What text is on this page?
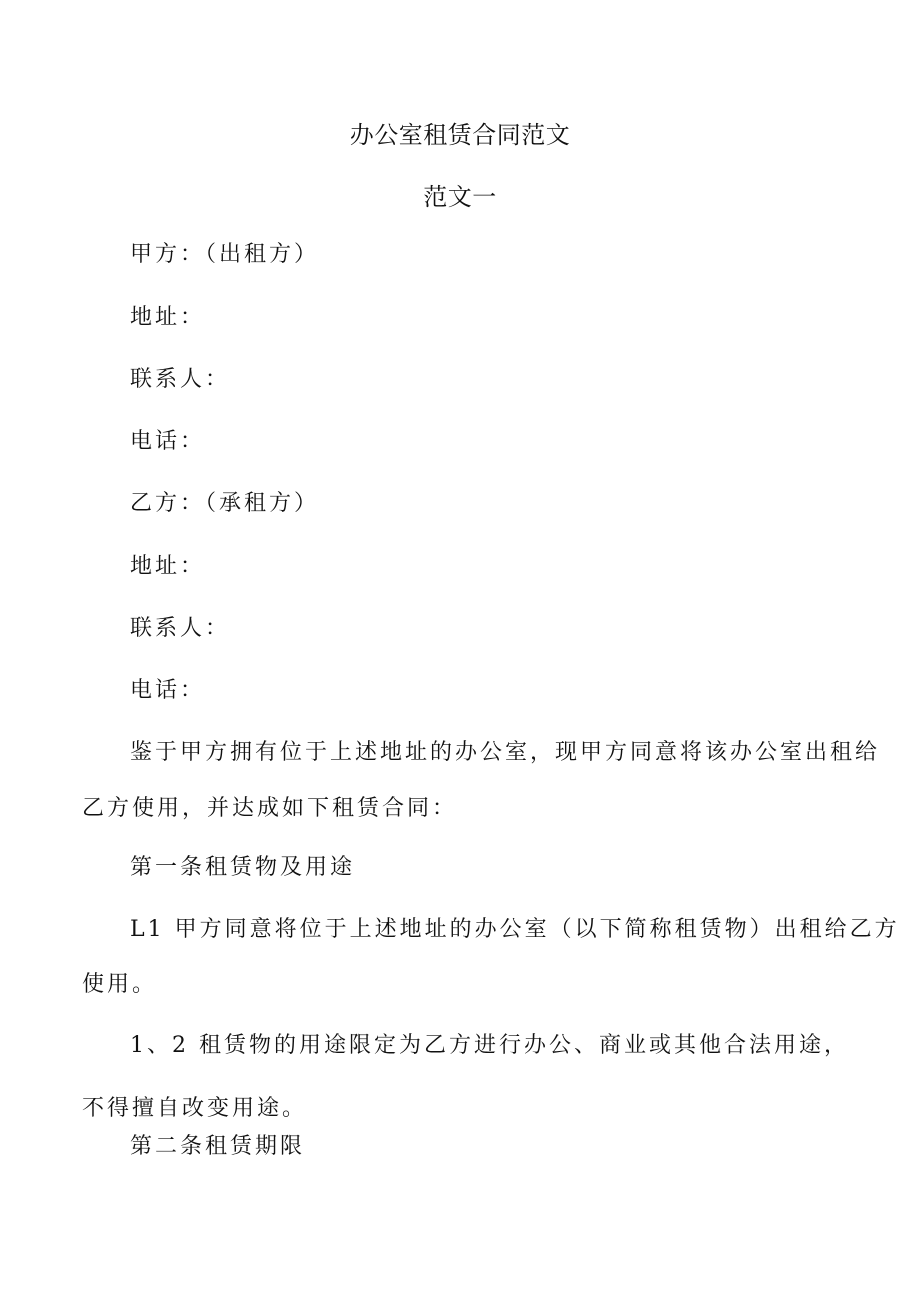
办公室租赁合同范文
范文一
甲方：（出租方）
地址：
联系人：
电话：
乙方：（承租方）
地址：
联系人：
电话：
鉴于甲方拥有位于上述地址的办公室，现甲方同意将该办公室出租给
乙方使用，并达成如下租赁合同：
第一条租赁物及用途
L1 甲方同意将位于上述地址的办公室（以下简称租赁物）出租给乙方
使用。
1、2 租赁物的用途限定为乙方进行办公、商业或其他合法用途，
不得擅自改变用途。
第二条租赁期限
